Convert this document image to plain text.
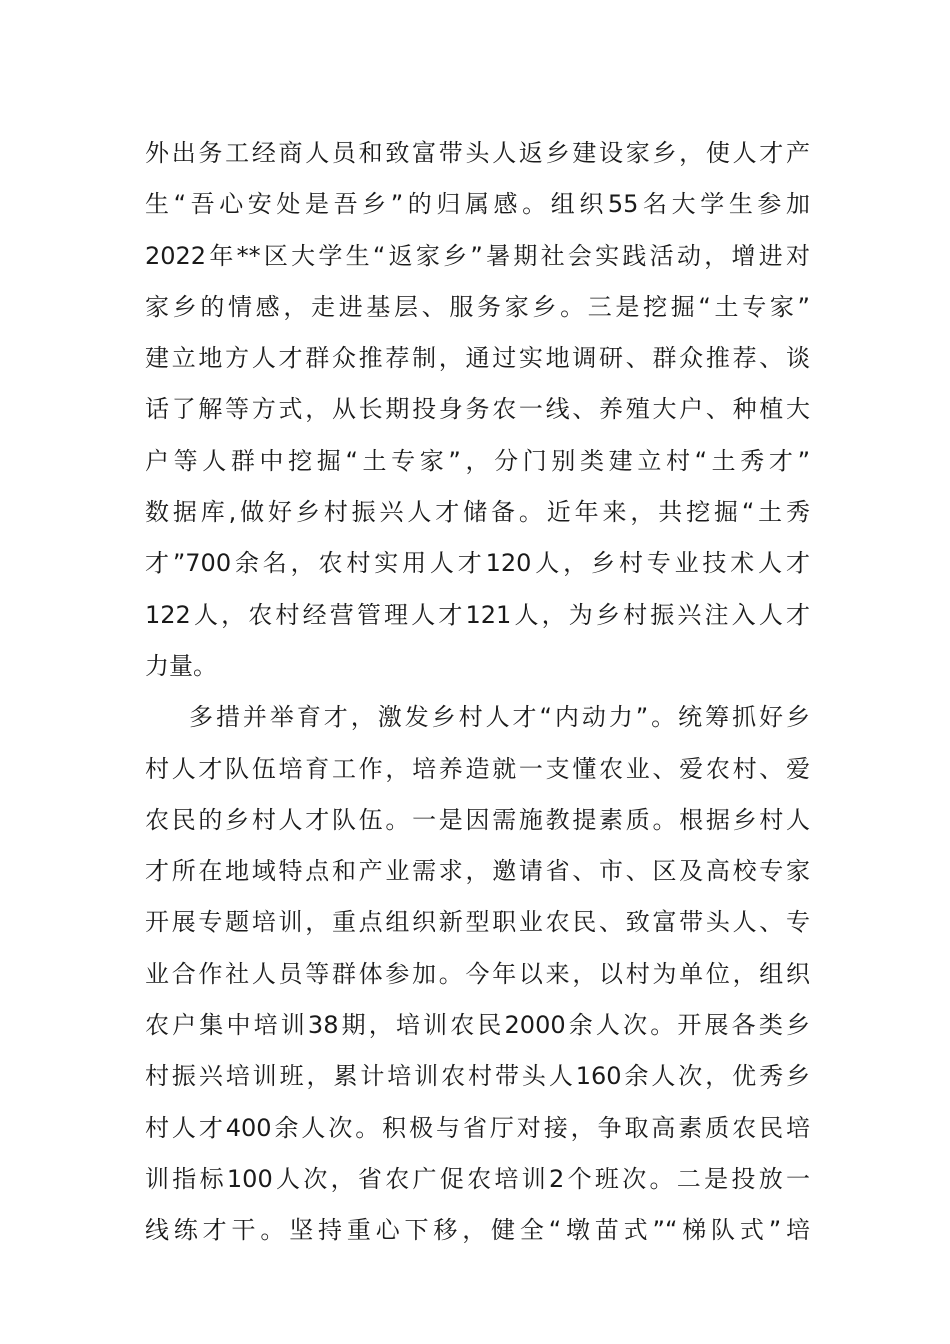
外出务工经商人员和致富带头人返乡建设家乡，使人才产
生“吾心安处是吾乡”的归属感。组织55名大学生参加
2022年**区大学生“返家乡”暑期社会实践活动，增进对
家乡的情感，走进基层、服务家乡。三是挖掘“土专家”
建立地方人才群众推荐制，通过实地调研、群众推荐、谈
话了解等方式，从长期投身务农一线、养殖大户、种植大
户等人群中挖掘“土专家”，分门别类建立村“土秀才”
数据库,做好乡村振兴人才储备。近年来，共挖掘“土秀
才”700余名，农村实用人才120人，乡村专业技术人才
122人，农村经营管理人才121人，为乡村振兴注入人才
力量。
多措并举育才，激发乡村人才“内动力”。统筹抓好乡
村人才队伍培育工作，培养造就一支懂农业、爱农村、爱
农民的乡村人才队伍。一是因需施教提素质。根据乡村人
才所在地域特点和产业需求，邀请省、市、区及高校专家
开展专题培训，重点组织新型职业农民、致富带头人、专
业合作社人员等群体参加。今年以来，以村为单位，组织
农户集中培训38期，培训农民2000余人次。开展各类乡
村振兴培训班，累计培训农村带头人160余人次，优秀乡
村人才400余人次。积极与省厅对接，争取高素质农民培
训指标100人次，省农广促农培训2个班次。二是投放一
线练才干。坚持重心下移，健全“墩苗式”“梯队式”培
